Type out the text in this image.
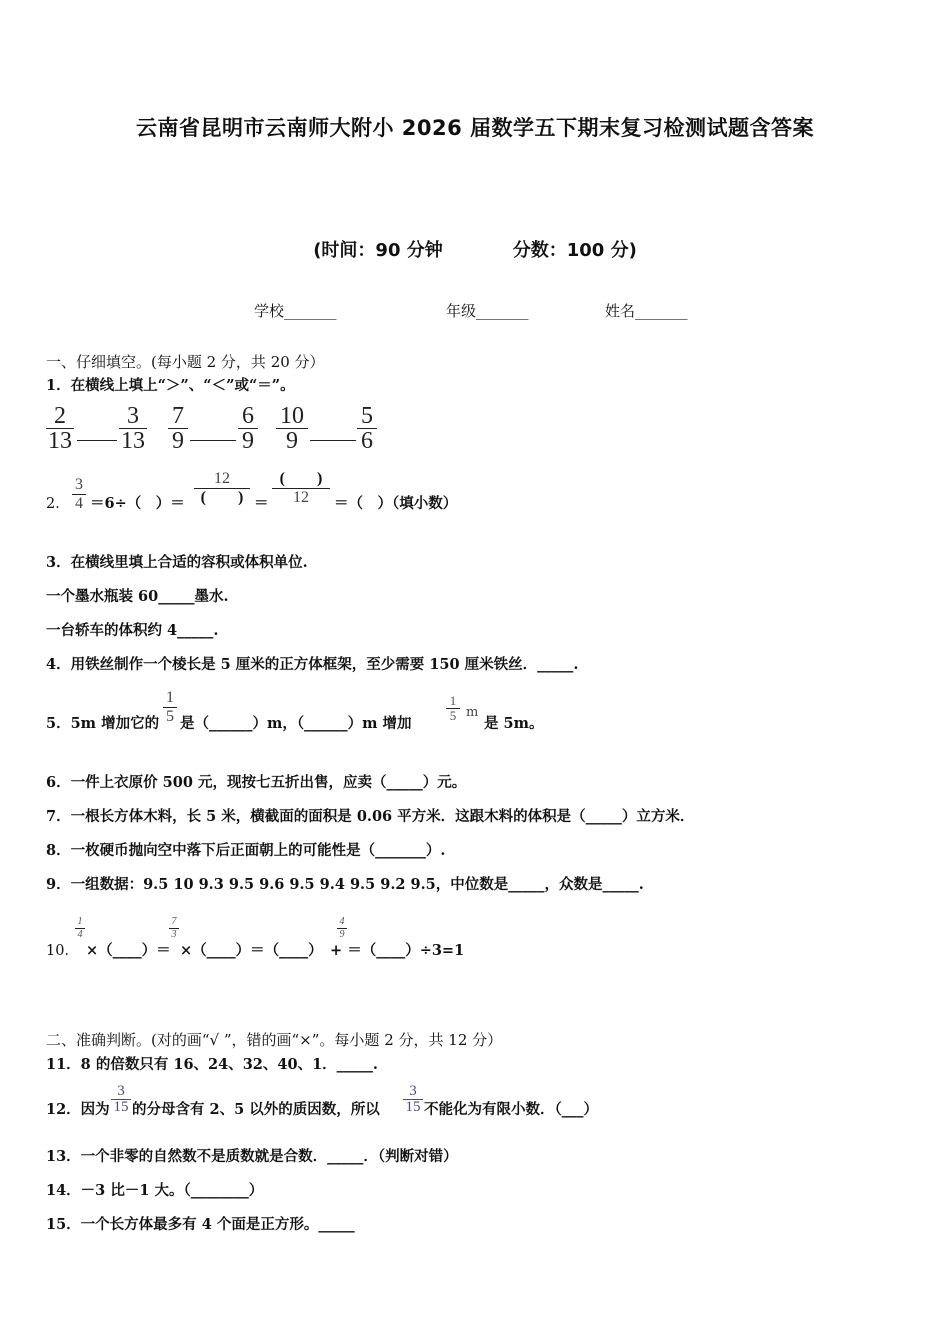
云南省昆明市云南师大附小 2026 届数学五下期末复习检测试题含答案
(时间：90 分钟	分数：100 分)
学校_______	年级_______	姓名_______
一、仔细填空。(每小题 2 分，共 20 分）
1．在横线上填上“＞”、“＜”或“＝”。
2
13
3
13
7
9
6
9
10
9
5
6
2．
3
4 ＝6÷（　）＝
12
(　　) ＝
(　　)
12	＝（　）（填小数）
3．在横线里填上合适的容积或体积单位.
一个墨水瓶装 60_____墨水.
一台轿车的体积约 4_____.
4．用铁丝制作一个棱长是 5 厘米的正方体框架，至少需要 150 厘米铁丝．_____.
5．5m 增加它的
1
5 是（______）m，（______）m 增加
1
5 m
是 5m。
6．一件上衣原价 500 元，现按七五折出售，应卖（_____）元。
7．一根长方体木料，长 5 米，横截面的面积是 0.06 平方米．这跟木料的体积是（_____）立方米．
8．一枚硬币抛向空中落下后正面朝上的可能性是（_______）.
9．一组数据：9.5 10 9.3 9.5 9.6 9.5 9.4 9.5 9.2 9.5，中位数是_____，众数是_____.
10．
1
4
×（____）＝
7
3
×（____）＝（____）
4
9
+ ＝（____）÷3=1
二、准确判断。(对的画“√ ”，错的画“×”。每小题 2 分，共 12 分）
11．8 的倍数只有 16、24、32、40、1．_____.
12．因为
3
15 的分母含有 2、5 以外的质因数，所以
3
15 不能化为有限小数．（___）
13．一个非零的自然数不是质数就是合数．_____．（判断对错）
14．－3 比－1 大。（________）
15．一个长方体最多有 4 个面是正方形。_____
